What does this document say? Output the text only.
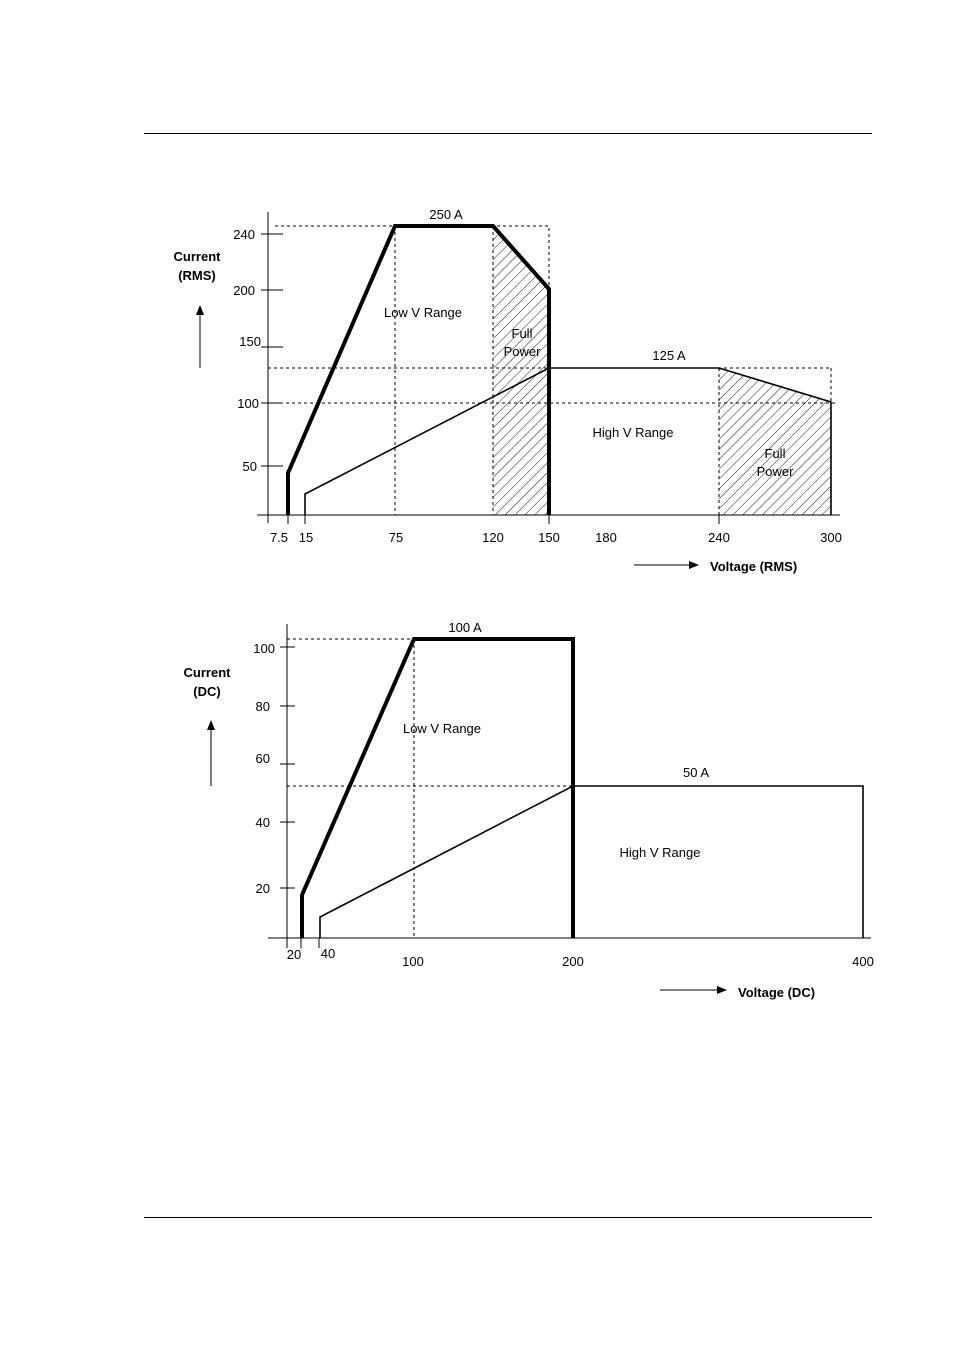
240
200
150
100
50
7.5 15	75	120	150	180	240	300
250 A
125 A
Low V Range
High V Range
Full
Power
Full
Power
Current
(RMS)
Voltage (RMS)
100
80
60
40
20
20 40
100	200	400
100 A
50 A
Low V Range
High V Range
Current
(DC)
Voltage (DC)
